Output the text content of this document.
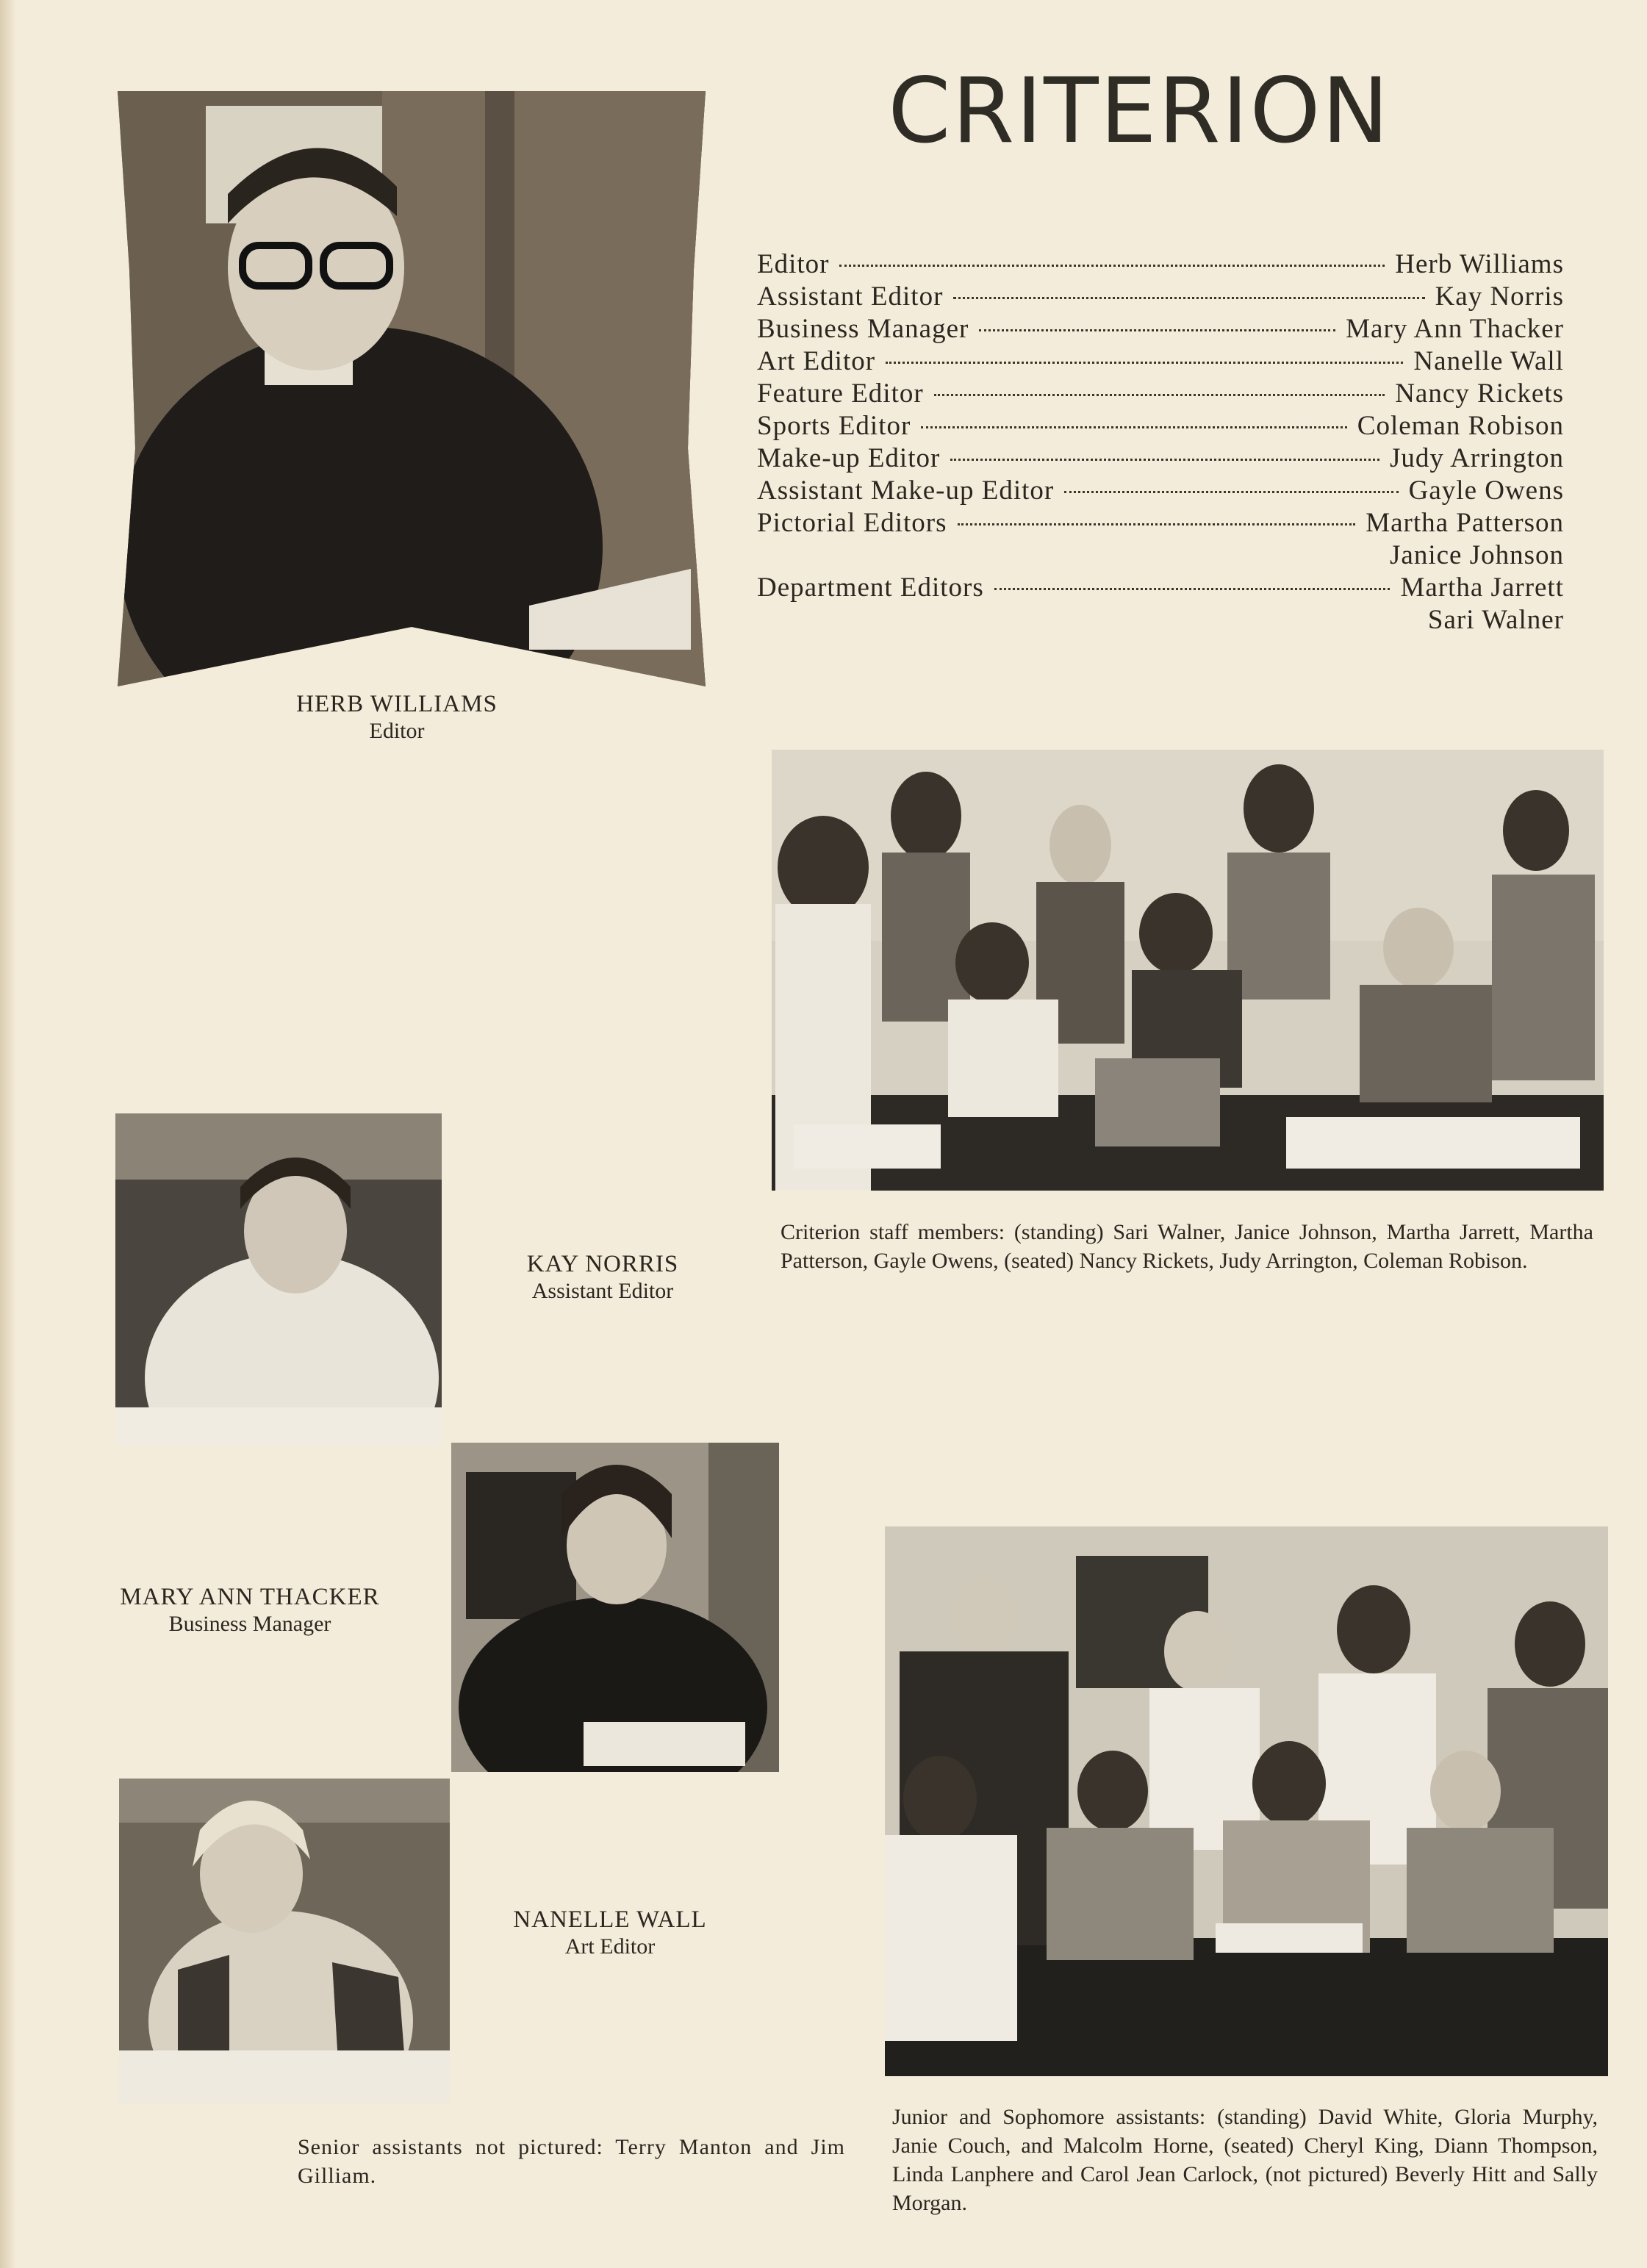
CRITERION
Editor	Herb Williams
Assistant Editor	Kay Norris
Business Manager	Mary Ann Thacker
Art Editor	Nanelle Wall
Feature Editor	Nancy Rickets
Sports Editor	Coleman Robison
Make-up Editor	Judy Arrington
Assistant Make-up Editor	Gayle Owens
Pictorial Editors	Martha Patterson
Janice Johnson
Department Editors	Martha Jarrett
Sari Walner
HERB WILLIAMS
Editor
KAY NORRIS
Assistant Editor
MARY ANN THACKER
Business Manager
NANELLE WALL
Art Editor
Criterion staff members: (standing) Sari Walner, Janice Johnson, Martha Jarrett, Martha Patterson, Gayle Owens, (seated) Nancy Rickets, Judy Arrington, Coleman Robison.
Junior and Sophomore assistants: (standing) David White, Gloria Murphy, Janie Couch, and Malcolm Horne, (seated) Cheryl King, Diann Thompson, Linda Lanphere and Carol Jean Carlock, (not pictured) Beverly Hitt and Sally Morgan.
Senior assistants not pictured: Terry Manton and Jim Gilliam.
